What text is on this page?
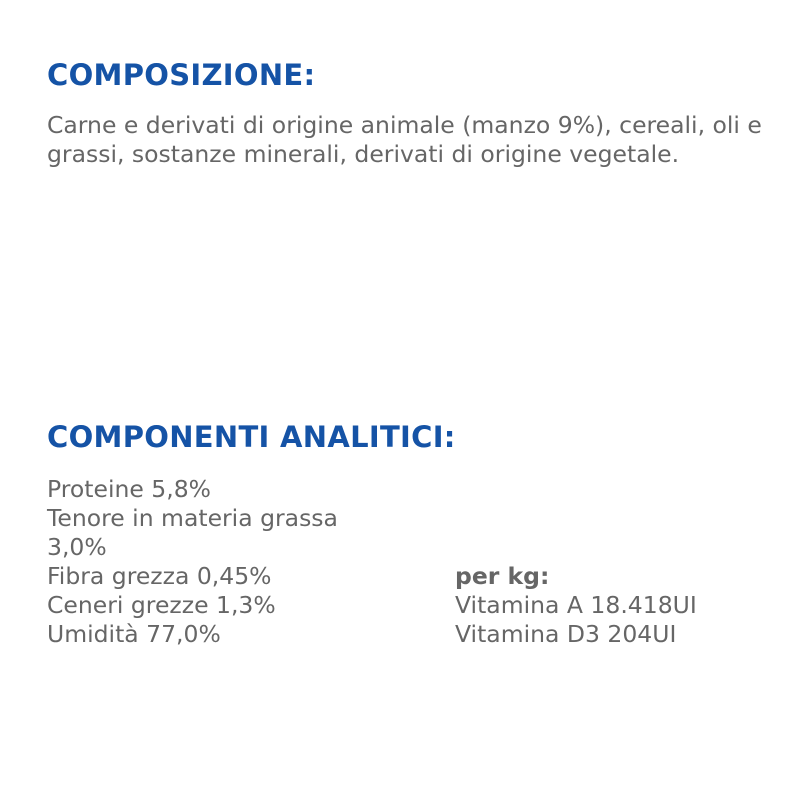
COMPOSIZIONE:

Carne e derivati di origine animale (manzo 9%), cereali, oli e grassi, sostanze minerali, derivati di origine vegetale.

COMPONENTI ANALITICI:
Proteine 5,8%
Tenore in materia grassa 3,0%
Fibra grezza 0,45%
Ceneri grezze 1,3%
Umidità 77,0%
per kg:
Vitamina A 18.418UI
Vitamina D3 204UI
